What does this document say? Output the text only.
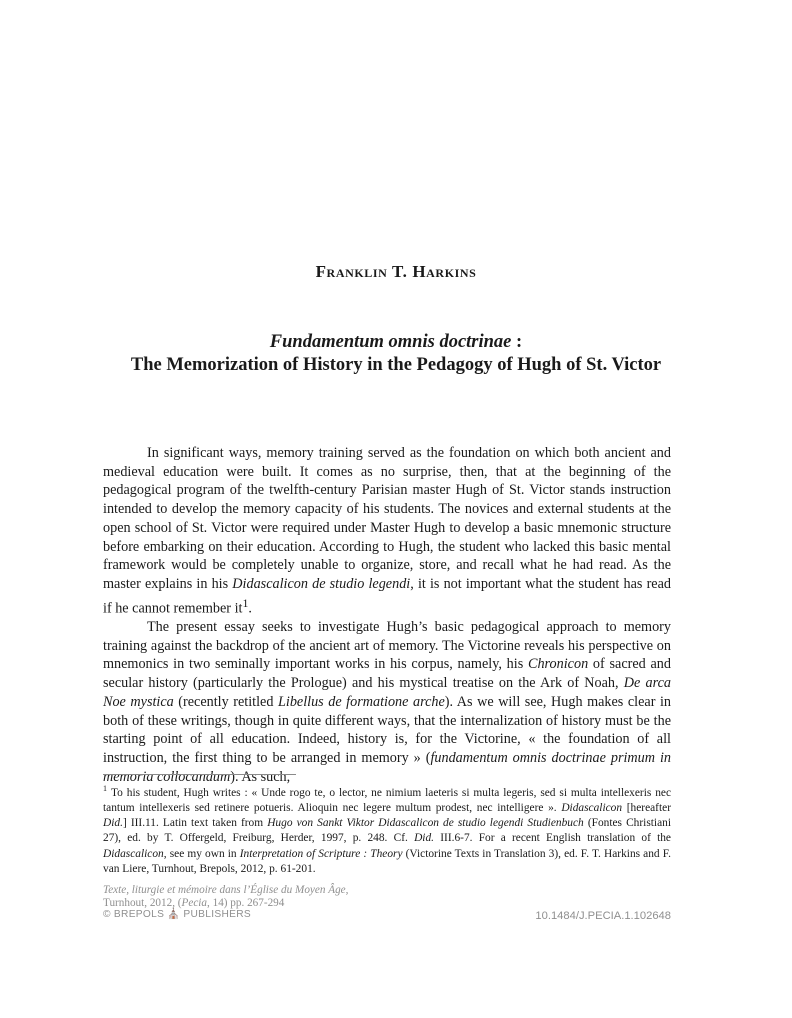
Franklin T. Harkins
Fundamentum omnis doctrinae :
The Memorization of History in the Pedagogy of Hugh of St. Victor

In significant ways, memory training served as the foundation on which both ancient and medieval education were built. It comes as no surprise, then, that at the beginning of the pedagogical program of the twelfth-century Parisian master Hugh of St. Victor stands instruction intended to develop the memory capacity of his students. The novices and external students at the open school of St. Victor were required under Master Hugh to develop a basic mnemonic structure before embarking on their education. According to Hugh, the student who lacked this basic mental framework would be completely unable to organize, store, and recall what he had read. As the master explains in his Didascalicon de studio legendi, it is not important what the student has read if he cannot remember $it^1$.

The present essay seeks to investigate Hugh’s basic pedagogical approach to memory training against the backdrop of the ancient art of memory. The Victorine reveals his perspective on mnemonics in two seminally important works in his corpus, namely, his Chronicon of sacred and secular history (particularly the Prologue) and his mystical treatise on the Ark of Noah, De arca Noe mystica (recently retitled Libellus de formatione arche). As we will see, Hugh makes clear in both of these writings, though in quite different ways, that the internalization of history must be the starting point of all education. Indeed, history is, for the Victorine, « the foundation of all instruction, the first thing to be arranged in memory » (fundamentum omnis doctrinae primum in memoria collocandum). As such,

$^1$ To his student, Hugh writes : « Unde rogo te, o lector, ne nimium laeteris si multa legeris, sed si multa intellexeris nec tantum intellexeris sed retinere potueris. Alioquin nec legere multum prodest, nec intelligere ». Didascalicon [hereafter Did.] III.11. Latin text taken from Hugo von Sankt Viktor Didascalicon de studio legendi Studienbuch (Fontes Christiani 27), ed. by T. Offergeld, Freiburg, Herder, 1997, p. 248. Cf. Did. III.6-7. For a recent English translation of the Didascalicon, see my own in Interpretation of Scripture : Theory (Victorine Texts in Translation 3), ed. F. T. Harkins and F. van Liere, Turnhout, Brepols, 2012, p. 61-201.
Texte, liturgie et mémoire dans l’Église du Moyen Âge,
Turnhout, 2012, (Pecia, 14) pp. 267-294
© BREPOLS ⛪ PUBLISHERS	10.1484/J.PECIA.1.102648
